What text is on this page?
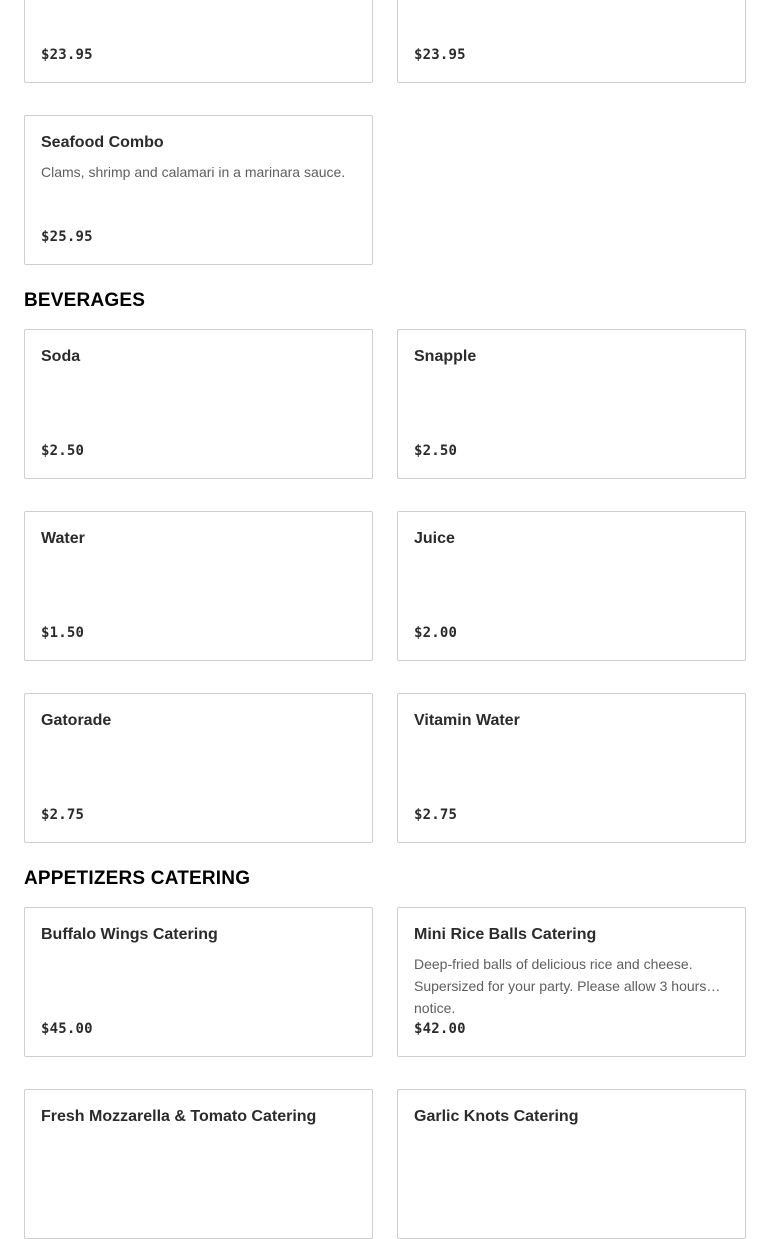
$23.95	$23.95
Seafood Combo
Clams, shrimp and calamari in a marinara sauce.
$25.95
BEVERAGES
Soda
$2.50
Snapple
$2.50
Water
$1.50
Juice
$2.00
Gatorade
$2.75
Vitamin Water
$2.75
APPETIZERS CATERING
Buffalo Wings Catering
$45.00
Mini Rice Balls Catering
Deep-fried balls of delicious rice and cheese. Supersized for your party. Please allow 3 hours notice.
$42.00
Fresh Mozzarella & Tomato Catering	Garlic Knots Catering
